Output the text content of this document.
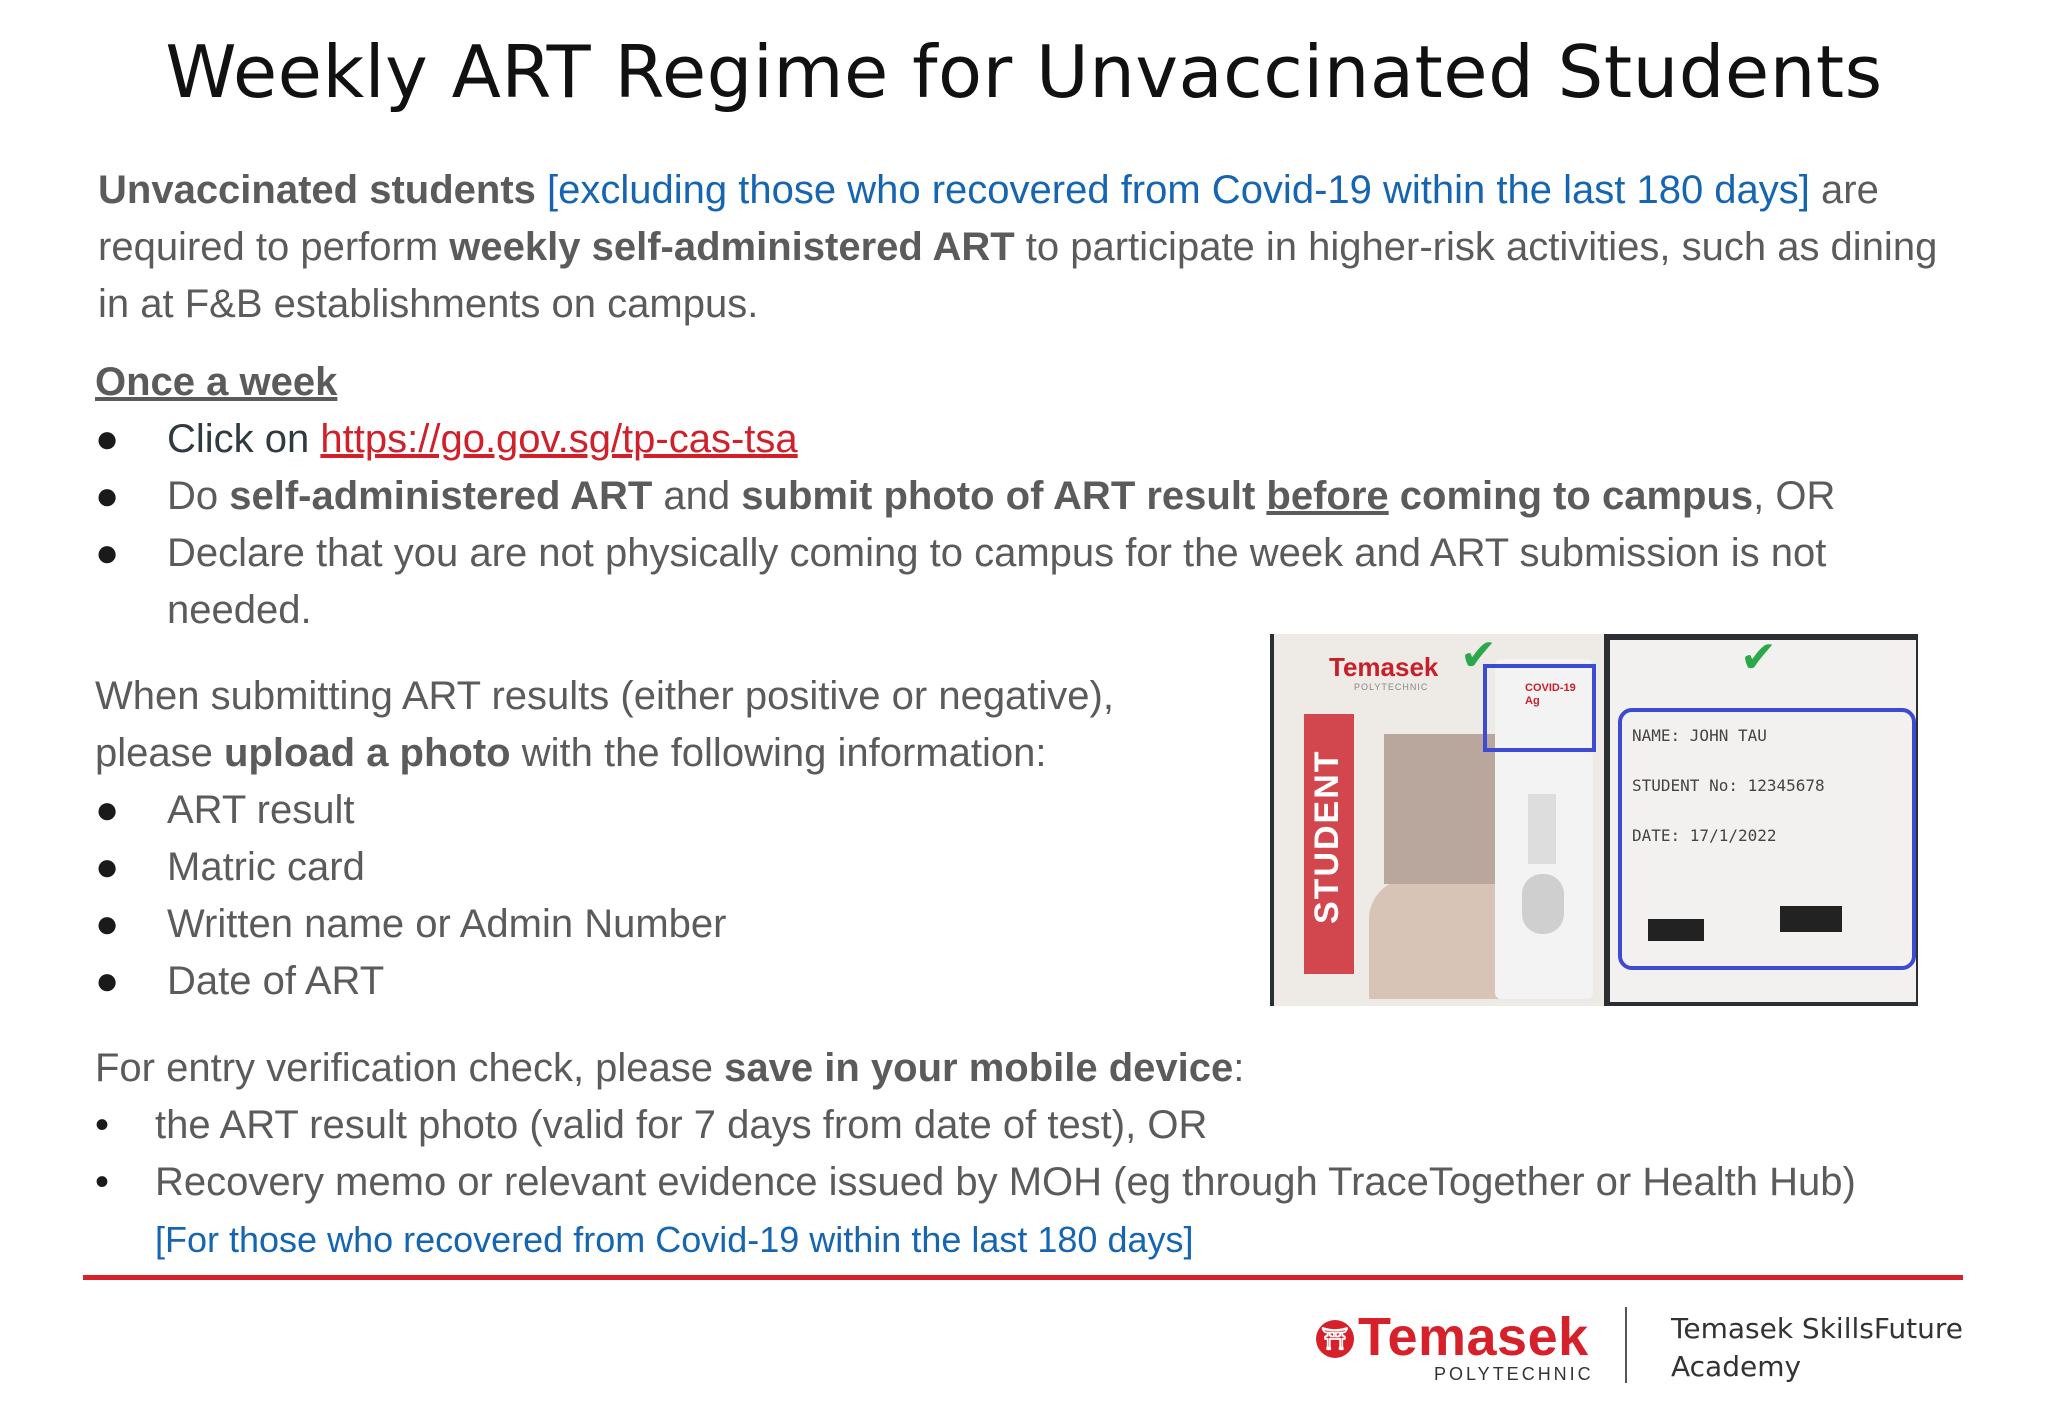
Weekly ART Regime for Unvaccinated Students
Unvaccinated students [excluding those who recovered from Covid-19 within the last 180 days] are required to perform weekly self-administered ART to participate in higher-risk activities, such as dining in at F&B establishments on campus.
Once a week
●	Click on https://go.gov.sg/tp-cas-tsa
●	Do self-administered ART and submit photo of ART result before coming to campus, OR
●	Declare that you are not physically coming to campus for the week and ART submission is not needed.
When submitting ART results (either positive or negative),
please upload a photo with the following information:
●	ART result
●	Matric card
●	Written name or Admin Number
●	Date of ART
Temasek
POLYTECHNIC
STUDENT
COVID-19 Ag
✔	✔
NAME: JOHN TAU
STUDENT No: 12345678
DATE: 17/1/2022
For entry verification check, please save in your mobile device:
•	the ART result photo (valid for 7 days from date of test), OR
•	Recovery memo or relevant evidence issued by MOH (eg through TraceTogether or Health Hub)
[For those who recovered from Covid-19 within the last 180 days]
⛩ Temasek
POLYTECHNIC
Temasek SkillsFuture
Academy
